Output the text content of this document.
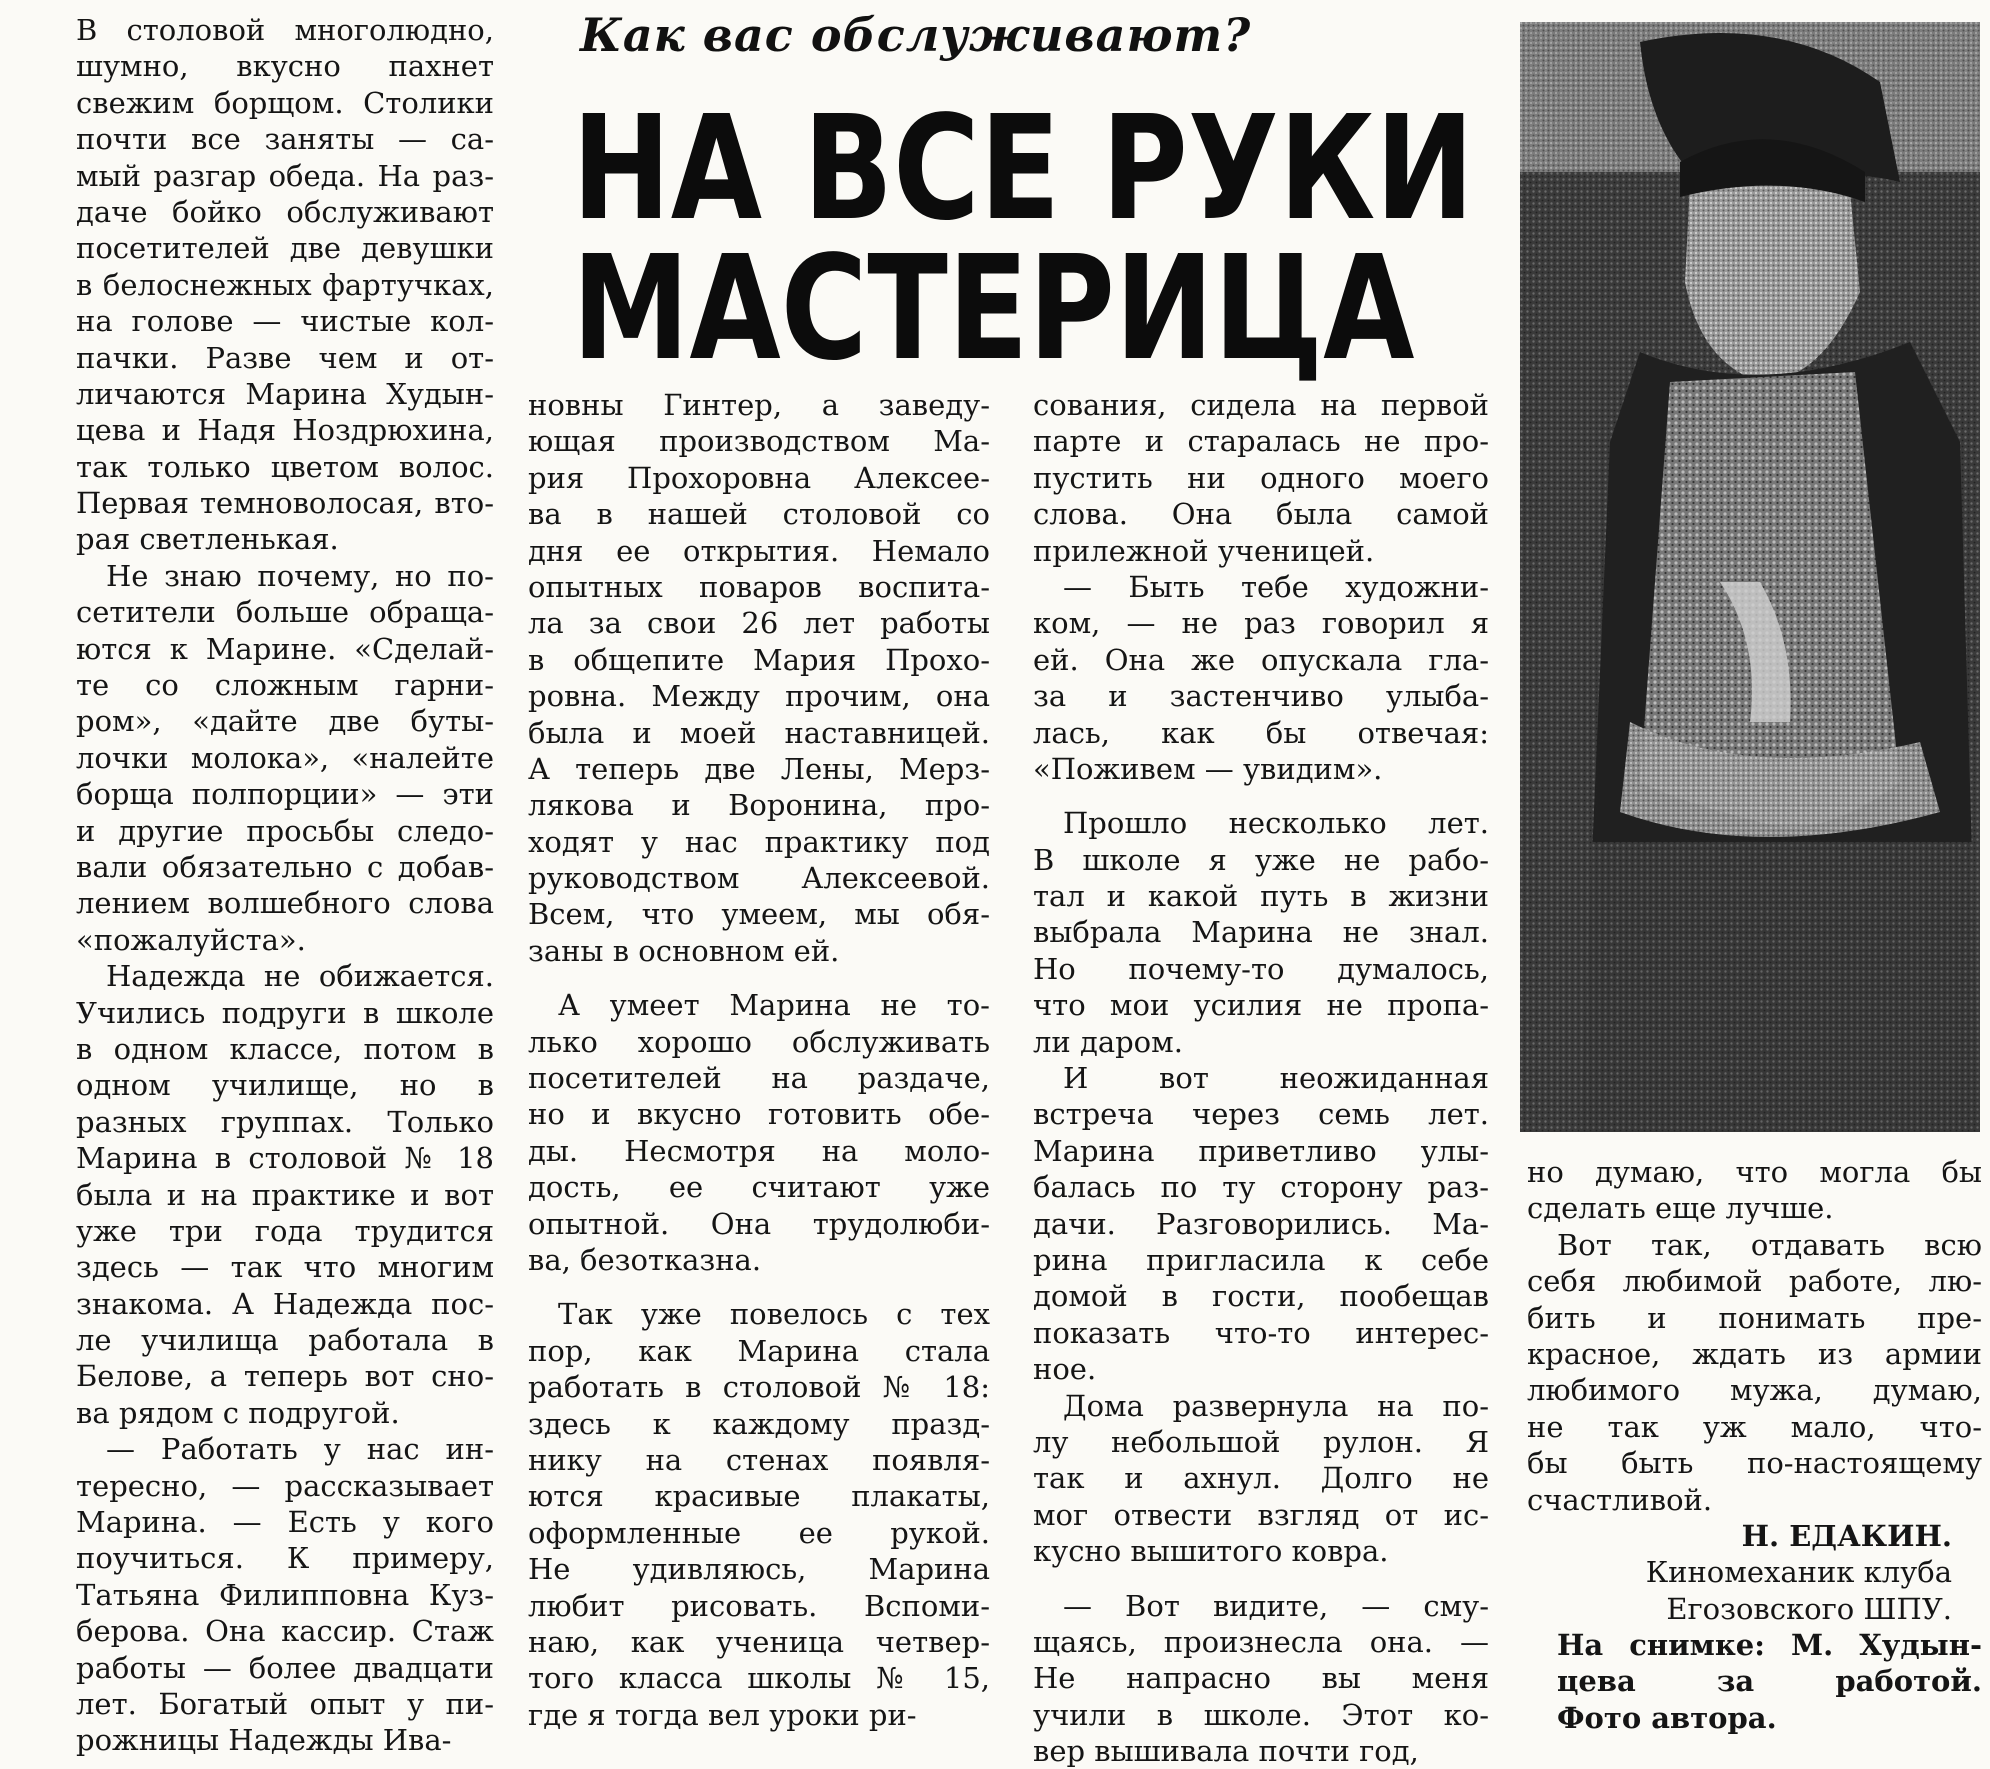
Как вас обслуживают?
НА ВСЕ РУКИ
МАСТЕРИЦА
В столовой многолюдно,
шумно, вкусно пахнет
свежим борщом. Столики
почти все заняты — са-
мый разгар обеда. На раз-
даче бойко обслуживают
посетителей две девушки
в белоснежных фартучках,
на голове — чистые кол-
пачки. Разве чем и от-
личаются Марина Худын-
цева и Надя Ноздрюхина,
так только цветом волос.
Первая темноволосая, вто-
рая светленькая.
Не знаю почему, но по-
сетители больше обраща-
ются к Марине. «Сделай-
те со сложным гарни-
ром», «дайте две буты-
лочки молока», «налейте
борща полпорции» — эти
и другие просьбы следо-
вали обязательно с добав-
лением волшебного слова
«пожалуйста».
Надежда не обижается.
Учились подруги в школе
в одном классе, потом в
одном училище, но в
разных группах. Только
Марина в столовой № 18
была и на практике и вот
уже три года трудится
здесь — так что многим
знакома. А Надежда пос-
ле училища работала в
Белове, а теперь вот сно-
ва рядом с подругой.
— Работать у нас ин-
тересно, — рассказывает
Марина. — Есть у кого
поучиться. К примеру,
Татьяна Филипповна Куз-
берова. Она кассир. Стаж
работы — более двадцати
лет. Богатый опыт у пи-
рожницы Надежды Ива-
новны Гинтер, а заведу-
ющая производством Ма-
рия Прохоровна Алексее-
ва в нашей столовой со
дня ее открытия. Немало
опытных поваров воспита-
ла за свои 26 лет работы
в общепите Мария Прохо-
ровна. Между прочим, она
была и моей наставницей.
А теперь две Лены, Мерз-
лякова и Воронина, про-
ходят у нас практику под
руководством Алексеевой.
Всем, что умеем, мы обя-
заны в основном ей.
А умеет Марина не то-
лько хорошо обслуживать
посетителей на раздаче,
но и вкусно готовить обе-
ды. Несмотря на моло-
дость, ее считают уже
опытной. Она трудолюби-
ва, безотказна.
Так уже повелось с тех
пор, как Марина стала
работать в столовой № 18:
здесь к каждому празд-
нику на стенах появля-
ются красивые плакаты,
оформленные ее рукой.
Не удивляюсь, Марина
любит рисовать. Вспоми-
наю, как ученица четвер-
того класса школы № 15,
где я тогда вел уроки ри-
сования, сидела на первой
парте и старалась не про-
пустить ни одного моего
слова. Она была самой
прилежной ученицей.
— Быть тебе художни-
ком, — не раз говорил я
ей. Она же опускала гла-
за и застенчиво улыба-
лась, как бы отвечая:
«Поживем — увидим».
Прошло несколько лет.
В школе я уже не рабо-
тал и какой путь в жизни
выбрала Марина не знал.
Но почему-то думалось,
что мои усилия не пропа-
ли даром.
И вот неожиданная
встреча через семь лет.
Марина приветливо улы-
балась по ту сторону раз-
дачи. Разговорились. Ма-
рина пригласила к себе
домой в гости, пообещав
показать что-то интерес-
ное.
Дома развернула на по-
лу небольшой рулон. Я
так и ахнул. Долго не
мог отвести взгляд от ис-
кусно вышитого ковра.
— Вот видите, — сму-
щаясь, произнесла она. —
Не напрасно вы меня
учили в школе. Этот ко-
вер вышивала почти год,
но думаю, что могла бы
сделать еще лучше.
Вот так, отдавать всю
себя любимой работе, лю-
бить и понимать пре-
красное, ждать из армии
любимого мужа, думаю,
не так уж мало, что-
бы быть по-настоящему
счастливой.
Н. ЕДАКИН.
Киномеханик клуба
Егозовского ШПУ.
На снимке: М. Худын-
цева за работой.
Фото автора.
